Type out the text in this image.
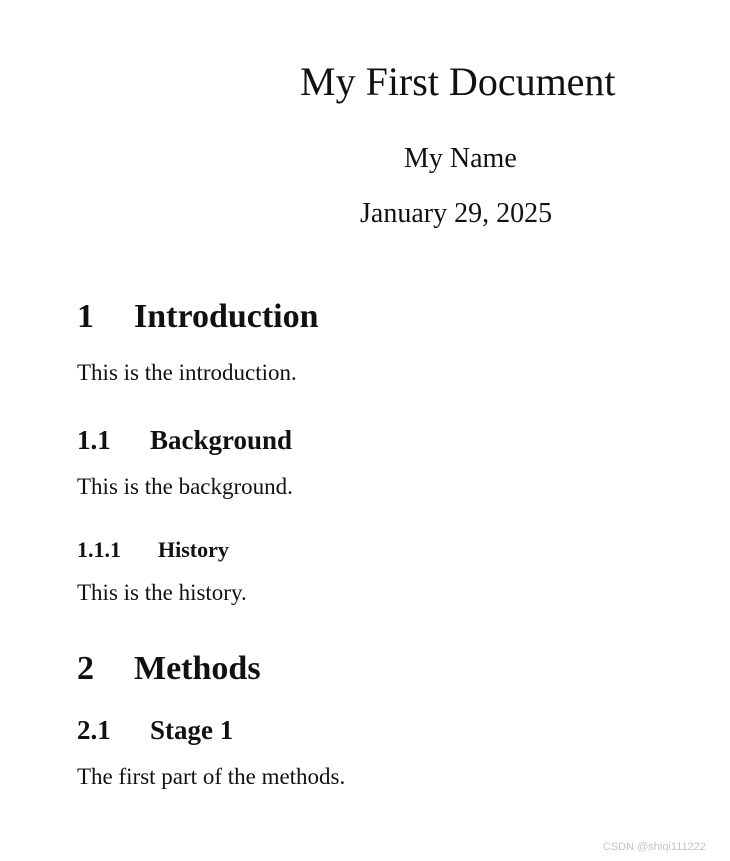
My First Document
My Name
January 29, 2025
1 Introduction
This is the introduction.
1.1 Background
This is the background.
1.1.1 History
This is the history.
2 Methods
2.1 Stage 1
The first part of the methods.
CSDN @shiqi111222
